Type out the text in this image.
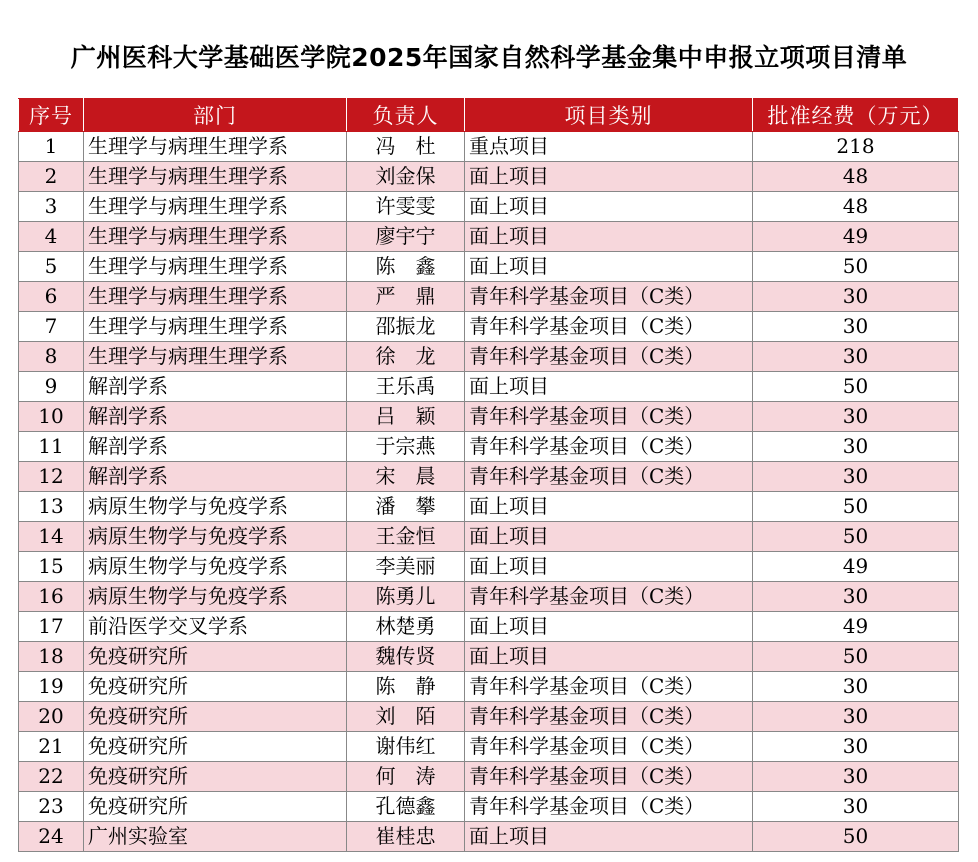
广州医科大学基础医学院2025年国家自然科学基金集中申报立项项目清单
序号	部门	负责人	项目类别	批准经费（万元）
1	生理学与病理生理学系	冯　杜	重点项目	218
2	生理学与病理生理学系	刘金保	面上项目	48
3	生理学与病理生理学系	许雯雯	面上项目	48
4	生理学与病理生理学系	廖宇宁	面上项目	49
5	生理学与病理生理学系	陈　鑫	面上项目	50
6	生理学与病理生理学系	严　鼎	青年科学基金项目（C类）	30
7	生理学与病理生理学系	邵振龙	青年科学基金项目（C类）	30
8	生理学与病理生理学系	徐　龙	青年科学基金项目（C类）	30
9	解剖学系	王乐禹	面上项目	50
10	解剖学系	吕　颖	青年科学基金项目（C类）	30
11	解剖学系	于宗燕	青年科学基金项目（C类）	30
12	解剖学系	宋　晨	青年科学基金项目（C类）	30
13	病原生物学与免疫学系	潘　攀	面上项目	50
14	病原生物学与免疫学系	王金恒	面上项目	50
15	病原生物学与免疫学系	李美丽	面上项目	49
16	病原生物学与免疫学系	陈勇儿	青年科学基金项目（C类）	30
17	前沿医学交叉学系	林楚勇	面上项目	49
18	免疫研究所	魏传贤	面上项目	50
19	免疫研究所	陈　静	青年科学基金项目（C类）	30
20	免疫研究所	刘　陌	青年科学基金项目（C类）	30
21	免疫研究所	谢伟红	青年科学基金项目（C类）	30
22	免疫研究所	何　涛	青年科学基金项目（C类）	30
23	免疫研究所	孔德鑫	青年科学基金项目（C类）	30
24	广州实验室	崔桂忠	面上项目	50
